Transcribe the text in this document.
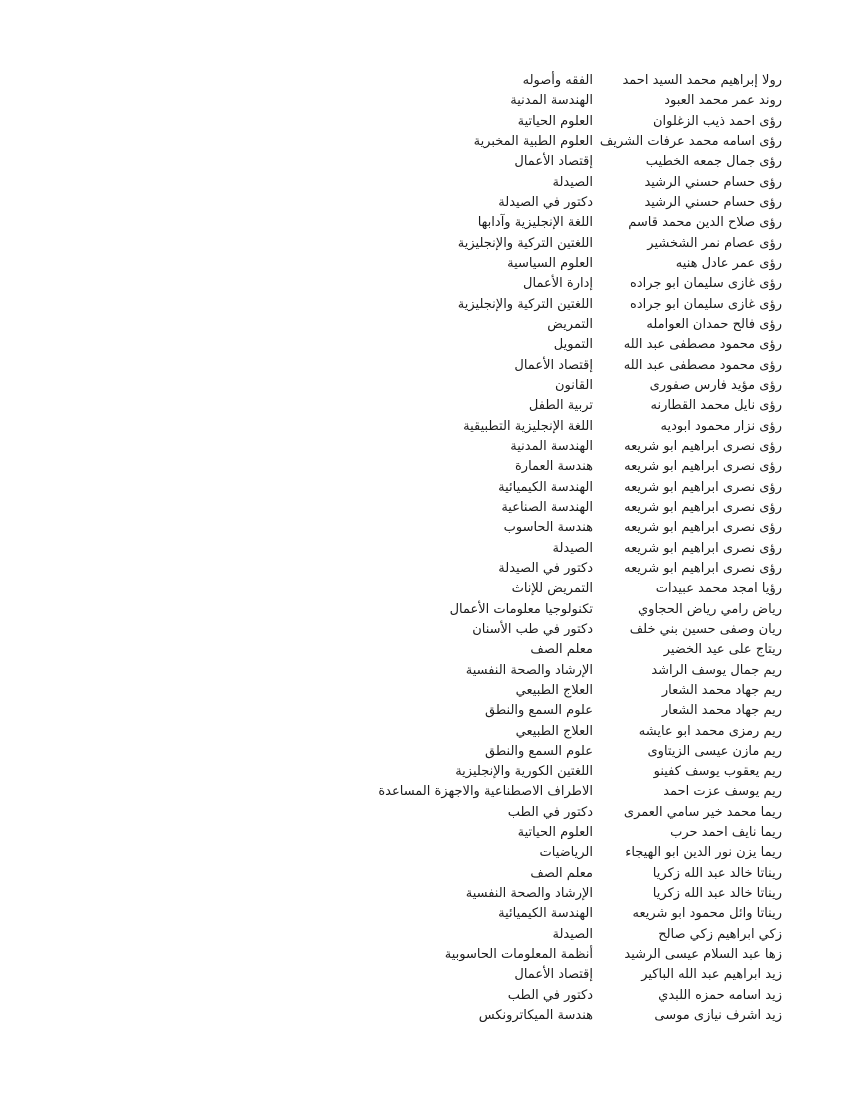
رولا إبراهيم محمد السيد احمد
الفقه وأصوله
روند عمر محمد العبود
الهندسة المدنية
رؤى احمد ذيب الزغلوان
العلوم الحياتية
رؤى اسامه محمد عرفات الشريف
العلوم الطبية المخبرية
رؤى جمال جمعه الخطيب
إقتصاد الأعمال
رؤى حسام حسني الرشيد
الصيدلة
رؤى حسام حسني الرشيد
دكتور في الصيدلة
رؤى صلاح الدين محمد قاسم
اللغة الإنجليزية وآدابها
رؤى عصام نمر الشخشير
اللغتين التركية والإنجليزية
رؤى عمر عادل هنيه
العلوم السياسية
رؤى غازى سليمان ابو جراده
إدارة الأعمال
رؤى غازى سليمان ابو جراده
اللغتين التركية والإنجليزية
رؤى فالح حمدان العوامله
التمريض
رؤى محمود مصطفى عبد الله
التمويل
رؤى محمود مصطفى عبد الله
إقتصاد الأعمال
رؤى مؤيد فارس صفورى
القانون
رؤى نايل محمد القطارنه
تربية الطفل
رؤى نزار محمود ابوديه
اللغة الإنجليزية التطبيقية
رؤى نصرى ابراهيم ابو شريعه
الهندسة المدنية
رؤى نصرى ابراهيم ابو شريعه
هندسة العمارة
رؤى نصرى ابراهيم ابو شريعه
الهندسة الكيميائية
رؤى نصرى ابراهيم ابو شريعه
الهندسة الصناعية
رؤى نصرى ابراهيم ابو شريعه
هندسة الحاسوب
رؤى نصرى ابراهيم ابو شريعه
الصيدلة
رؤى نصرى ابراهيم ابو شريعه
دكتور في الصيدلة
رؤيا امجد محمد عبيدات
التمريض للإناث
رياض رامي رياض الحجاوي
تكنولوجيا معلومات الأعمال
ريان وصفى حسين بني خلف
دكتور في طب الأسنان
ريتاج على عيد الخضير
معلم الصف
ريم جمال يوسف الراشد
الإرشاد والصحة النفسية
ريم جهاد محمد الشعار
العلاج الطبيعي
ريم جهاد محمد الشعار
علوم السمع والنطق
ريم رمزى محمد ابو عايشه
العلاج الطبيعي
ريم مازن عيسى الزيتاوى
علوم السمع والنطق
ريم يعقوب يوسف كفينو
اللغتين الكورية والإنجليزية
ريم يوسف عزت احمد
الاطراف الاصطناعية والاجهزة المساعدة
ريما محمد خير سامي العمرى
دكتور في الطب
ريما نايف احمد حرب
العلوم الحياتية
ريما يزن نور الدين ابو الهيجاء
الرياضيات
ريناتا خالد عبد الله زكريا
معلم الصف
ريناتا خالد عبد الله زكريا
الإرشاد والصحة النفسية
ريناتا وائل محمود ابو شريعه
الهندسة الكيميائية
زكي ابراهيم زكي صالح
الصيدلة
زها عبد السلام عيسى الرشيد
أنظمة المعلومات الحاسوبية
زيد ابراهيم عبد الله الباكير
إقتصاد الأعمال
زيد اسامه حمزه اللبدي
دكتور في الطب
زيد اشرف نيازى موسى
هندسة الميكاترونكس
